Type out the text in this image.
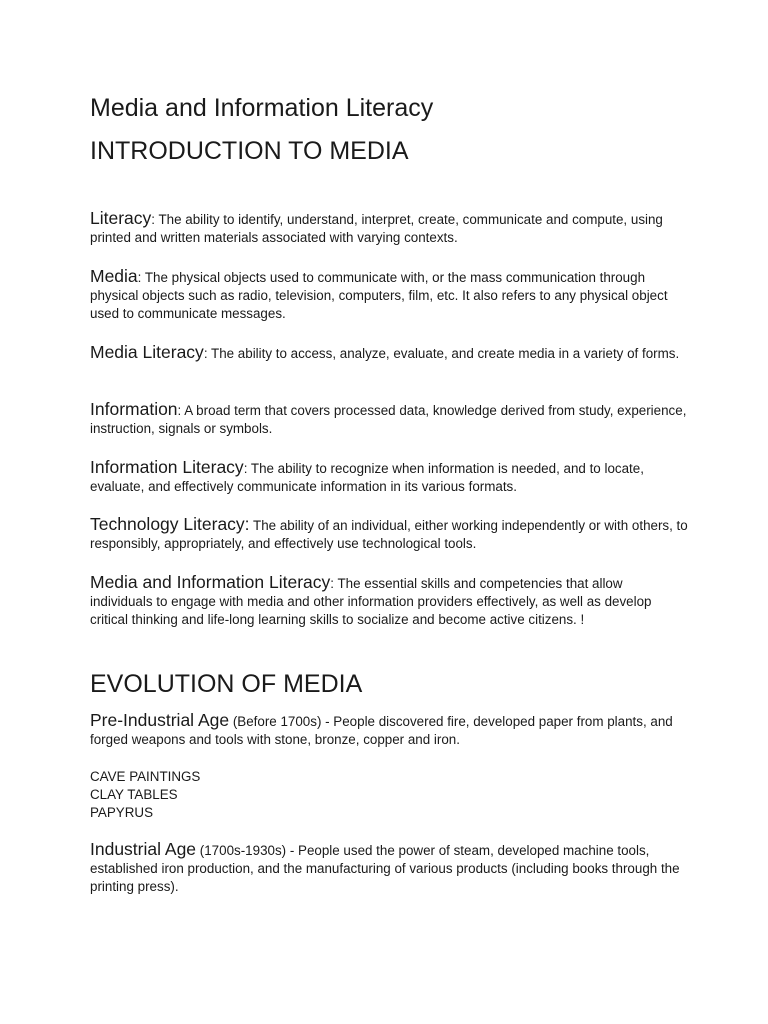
Media and Information Literacy
INTRODUCTION TO MEDIA

Literacy: The ability to identify, understand, interpret, create, communicate and compute, using printed and written materials associated with varying contexts.

Media: The physical objects used to communicate with, or the mass communication through physical objects such as radio, television, computers, film, etc. It also refers to any physical object used to communicate messages.

Media Literacy: The ability to access, analyze, evaluate, and create media in a variety of forms.

Information: A broad term that covers processed data, knowledge derived from study, experience, instruction, signals or symbols.

Information Literacy: The ability to recognize when information is needed, and to locate, evaluate, and effectively communicate information in its various formats.

Technology Literacy: The ability of an individual, either working independently or with others, to responsibly, appropriately, and effectively use technological tools.

Media and Information Literacy: The essential skills and competencies that allow individuals to engage with media and other information providers effectively, as well as develop critical thinking and life-long learning skills to socialize and become active citizens. !

EVOLUTION OF MEDIA

Pre-Industrial Age (Before 1700s) - People discovered fire, developed paper from plants, and forged weapons and tools with stone, bronze, copper and iron.

CAVE PAINTINGS
CLAY TABLES
PAPYRUS

Industrial Age (1700s-1930s) - People used the power of steam, developed machine tools, established iron production, and the manufacturing of various products (including books through the printing press).
